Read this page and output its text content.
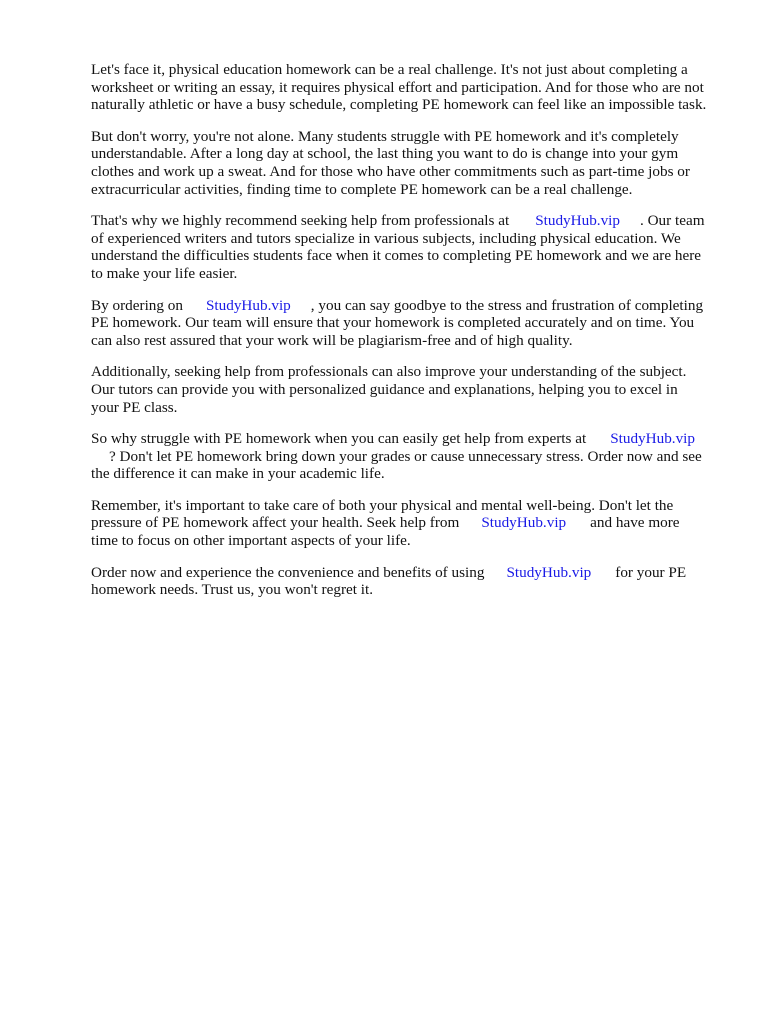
Let's face it, physical education homework can be a real challenge. It's not just about completing a
worksheet or writing an essay, it requires physical effort and participation. And for those who are not
naturally athletic or have a busy schedule, completing PE homework can feel like an impossible task.

But don't worry, you're not alone. Many students struggle with PE homework and it's completely
understandable. After a long day at school, the last thing you want to do is change into your gym
clothes and work up a sweat. And for those who have other commitments such as part-time jobs or
extracurricular activities, finding time to complete PE homework can be a real challenge.

That's why we highly recommend seeking help from professionals at StudyHub.vip . Our team
of experienced writers and tutors specialize in various subjects, including physical education. We
understand the difficulties students face when it comes to completing PE homework and we are here
to make your life easier.

By ordering on StudyHub.vip , you can say goodbye to the stress and frustration of completing
PE homework. Our team will ensure that your homework is completed accurately and on time. You
can also rest assured that your work will be plagiarism-free and of high quality.

Additionally, seeking help from professionals can also improve your understanding of the subject.
Our tutors can provide you with personalized guidance and explanations, helping you to excel in
your PE class.

So why struggle with PE homework when you can easily get help from experts at StudyHub.vip
? Don't let PE homework bring down your grades or cause unnecessary stress. Order now and see
the difference it can make in your academic life.

Remember, it's important to take care of both your physical and mental well-being. Don't let the
pressure of PE homework affect your health. Seek help from StudyHub.vip and have more
time to focus on other important aspects of your life.

Order now and experience the convenience and benefits of using StudyHub.vip for your PE
homework needs. Trust us, you won't regret it.
